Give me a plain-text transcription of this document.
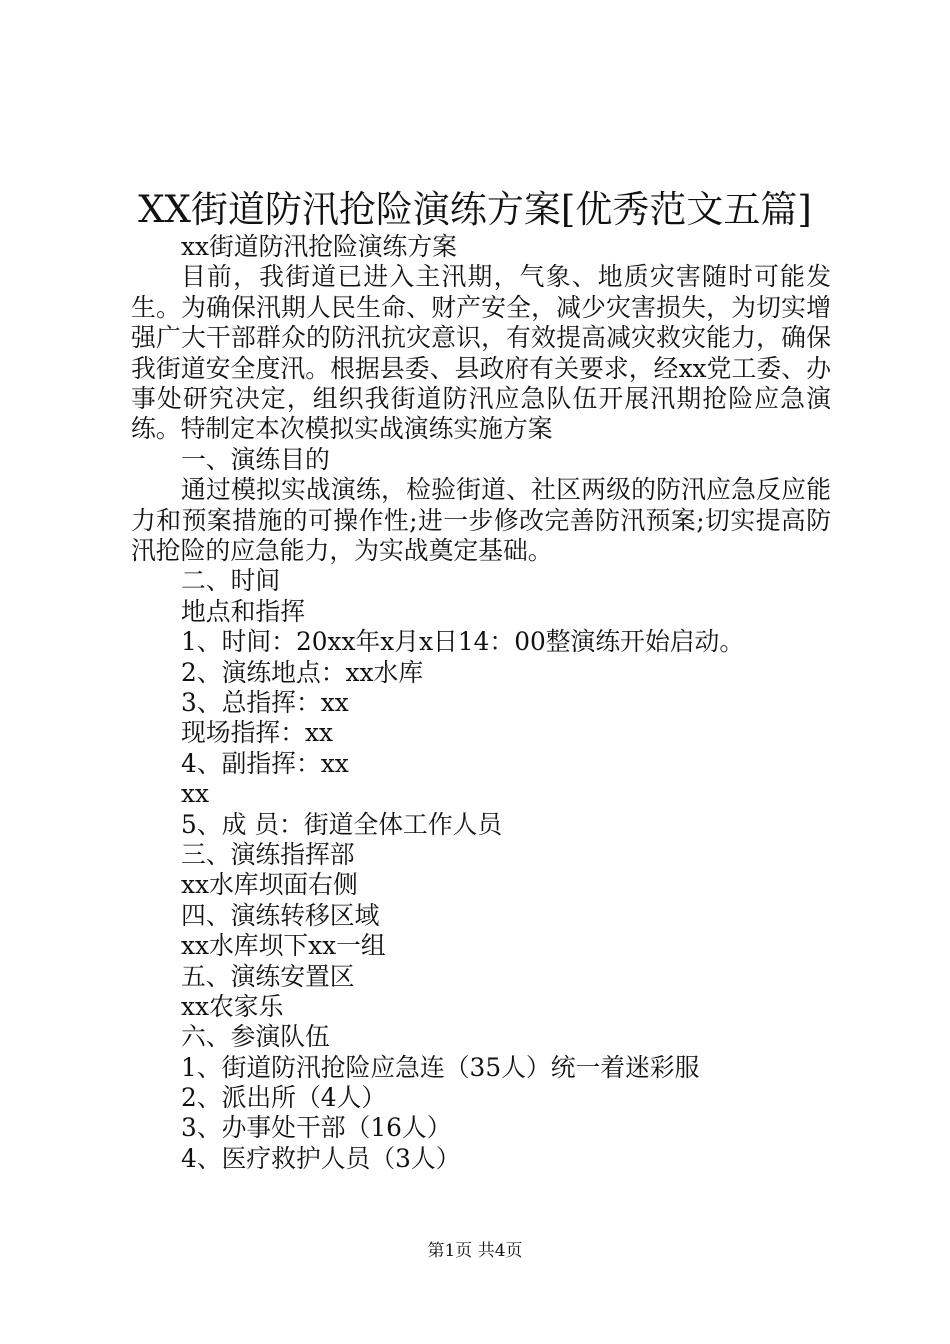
XX街道防汛抢险演练方案[优秀范文五篇]
xx街道防汛抢险演练方案
目前，我街道已进入主汛期，气象、地质灾害随时可能发生。为确保汛期人民生命、财产安全，减少灾害损失，为切实增强广大干部群众的防汛抗灾意识，有效提高减灾救灾能力，确保我街道安全度汛。根据县委、县政府有关要求，经xx党工委、办事处研究决定，组织我街道防汛应急队伍开展汛期抢险应急演练。特制定本次模拟实战演练实施方案
一、演练目的
通过模拟实战演练，检验街道、社区两级的防汛应急反应能力和预案措施的可操作性;进一步修改完善防汛预案;切实提高防汛抢险的应急能力，为实战奠定基础。
二、时间
地点和指挥
1、时间：20xx年x月x日14：00整演练开始启动。
2、演练地点：xx水库
3、总指挥：xx
现场指挥：xx
4、副指挥：xx
xx
5、成 员：街道全体工作人员
三、演练指挥部
xx水库坝面右侧
四、演练转移区域
xx水库坝下xx一组
五、演练安置区
xx农家乐
六、参演队伍
1、街道防汛抢险应急连（35人）统一着迷彩服
2、派出所（4人）
3、办事处干部（16人）
4、医疗救护人员（3人）
第1页 共4页
